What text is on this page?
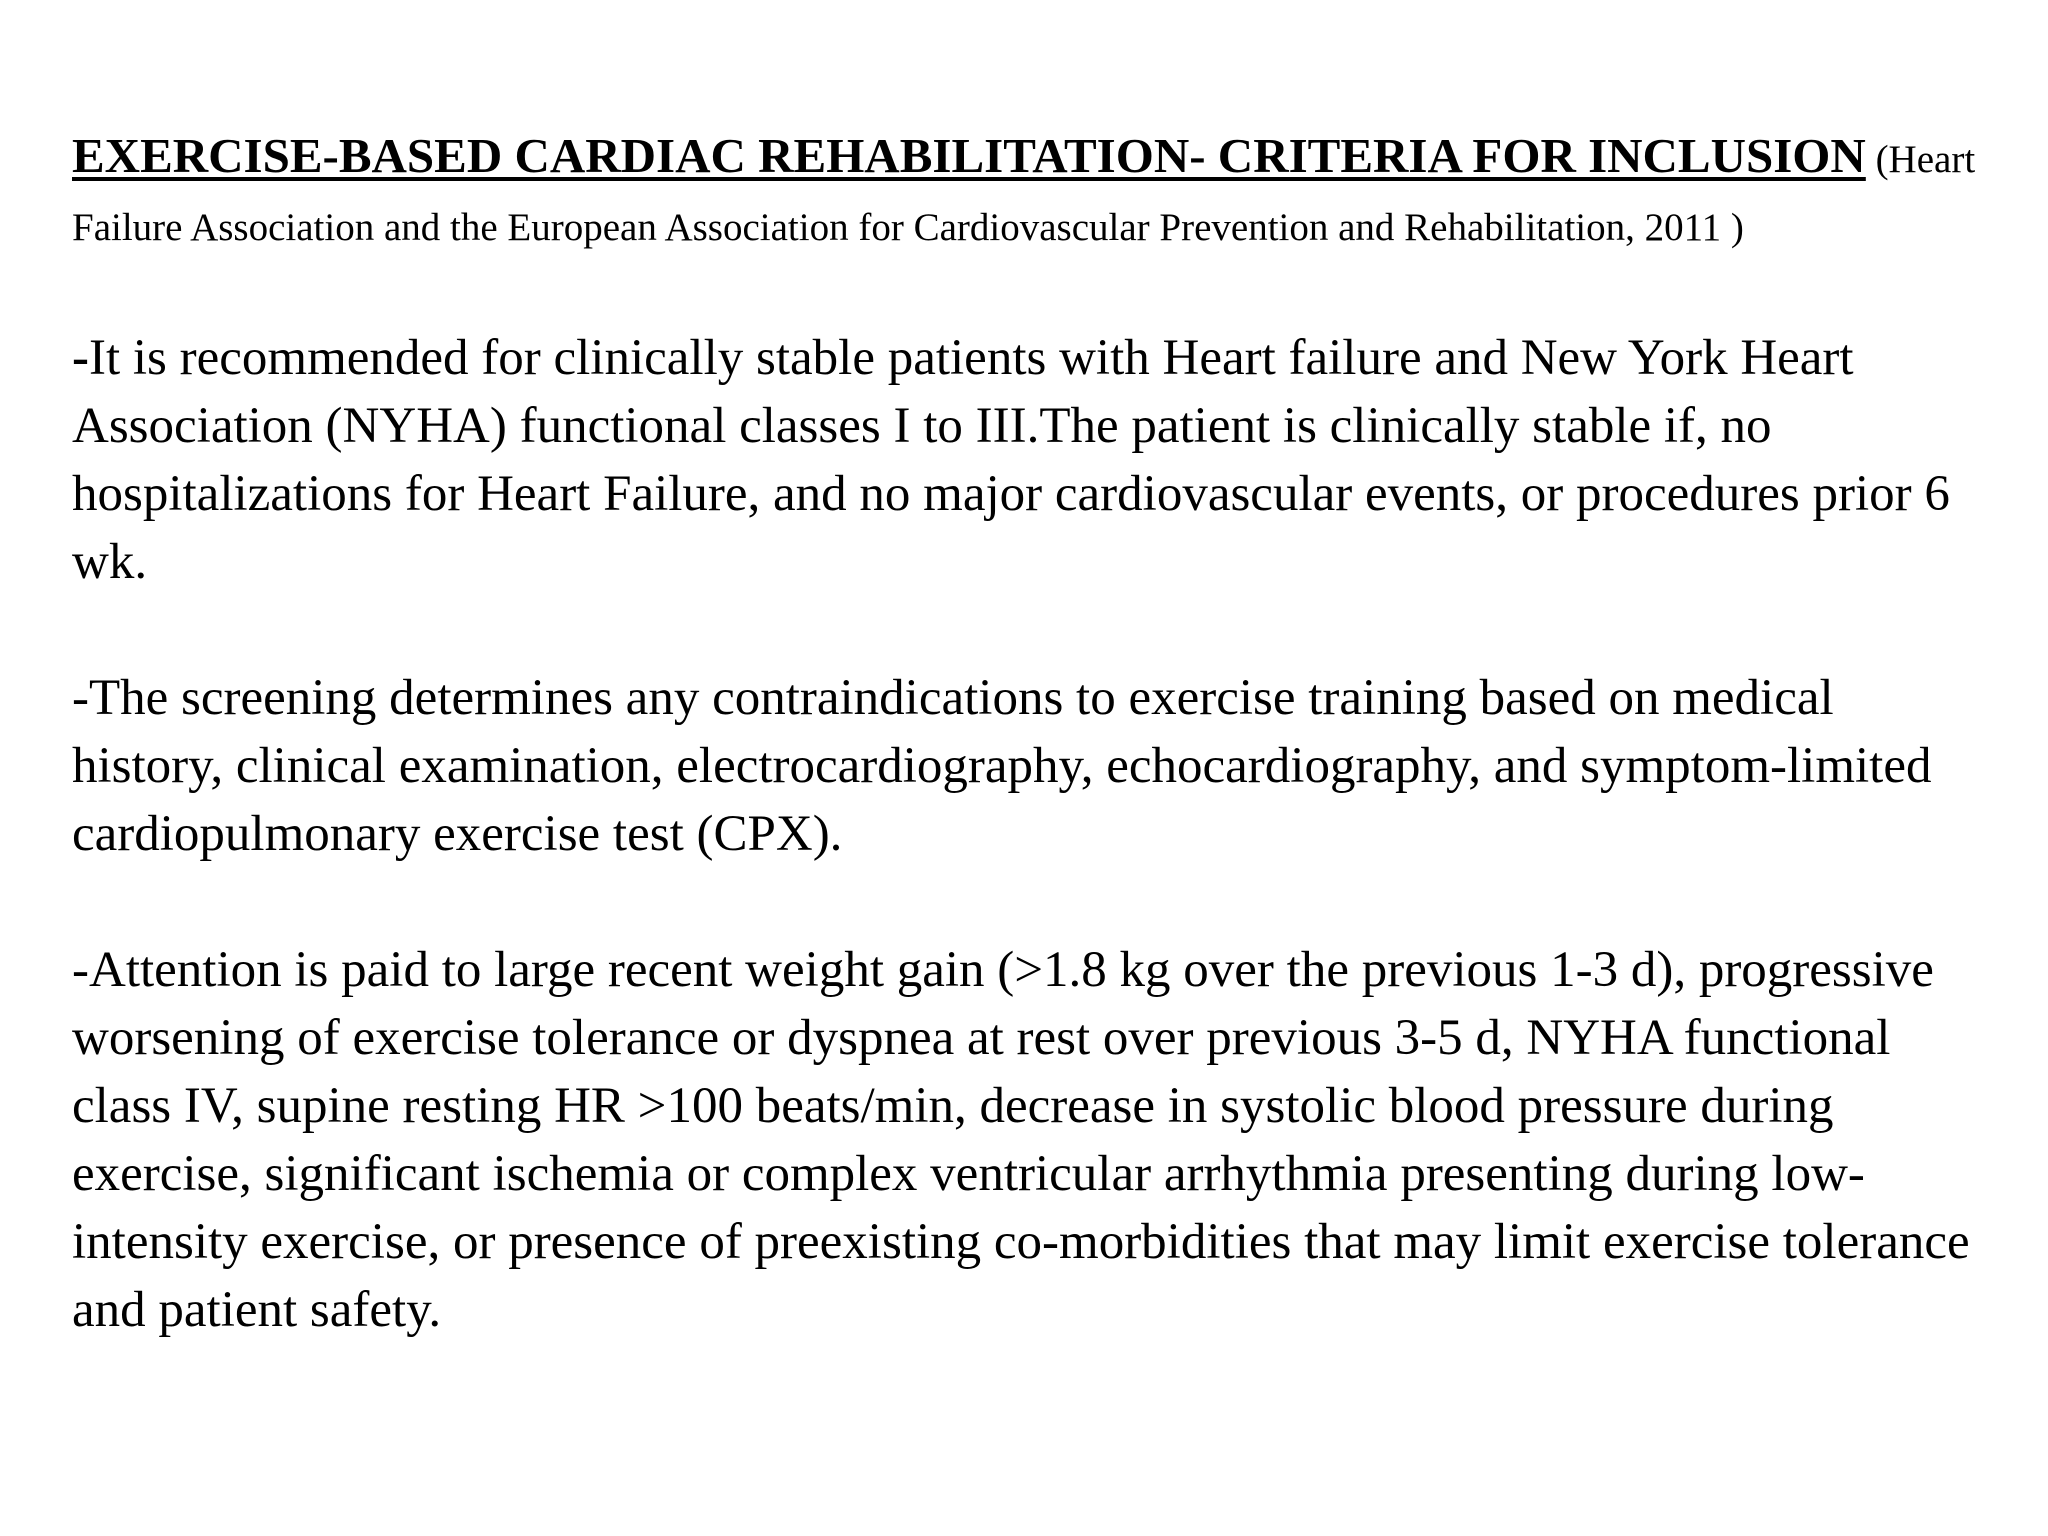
EXERCISE-BASED CARDIAC REHABILITATION- CRITERIA FOR INCLUSION (Heart Failure Association and the European Association for Cardiovascular Prevention and Rehabilitation, 2011 )

-It is recommended for clinically stable patients with Heart failure and New York Heart Association (NYHA) functional classes I to III.The patient is clinically stable if, no hospitalizations for Heart Failure, and no major cardiovascular events, or procedures prior 6 wk.

-The screening determines any contraindications to exercise training based on medical history, clinical examination, electrocardiography, echocardiography, and symptom-limited cardiopulmonary exercise test (CPX).

-Attention is paid to large recent weight gain (>1.8 kg over the previous 1-3 d), progressive worsening of exercise tolerance or dyspnea at rest over previous 3-5 d, NYHA functional class IV, supine resting HR >100 beats/min, decrease in systolic blood pressure during exercise, significant ischemia or complex ventricular arrhythmia presenting during low-intensity exercise, or presence of preexisting co-morbidities that may limit exercise tolerance and patient safety.
